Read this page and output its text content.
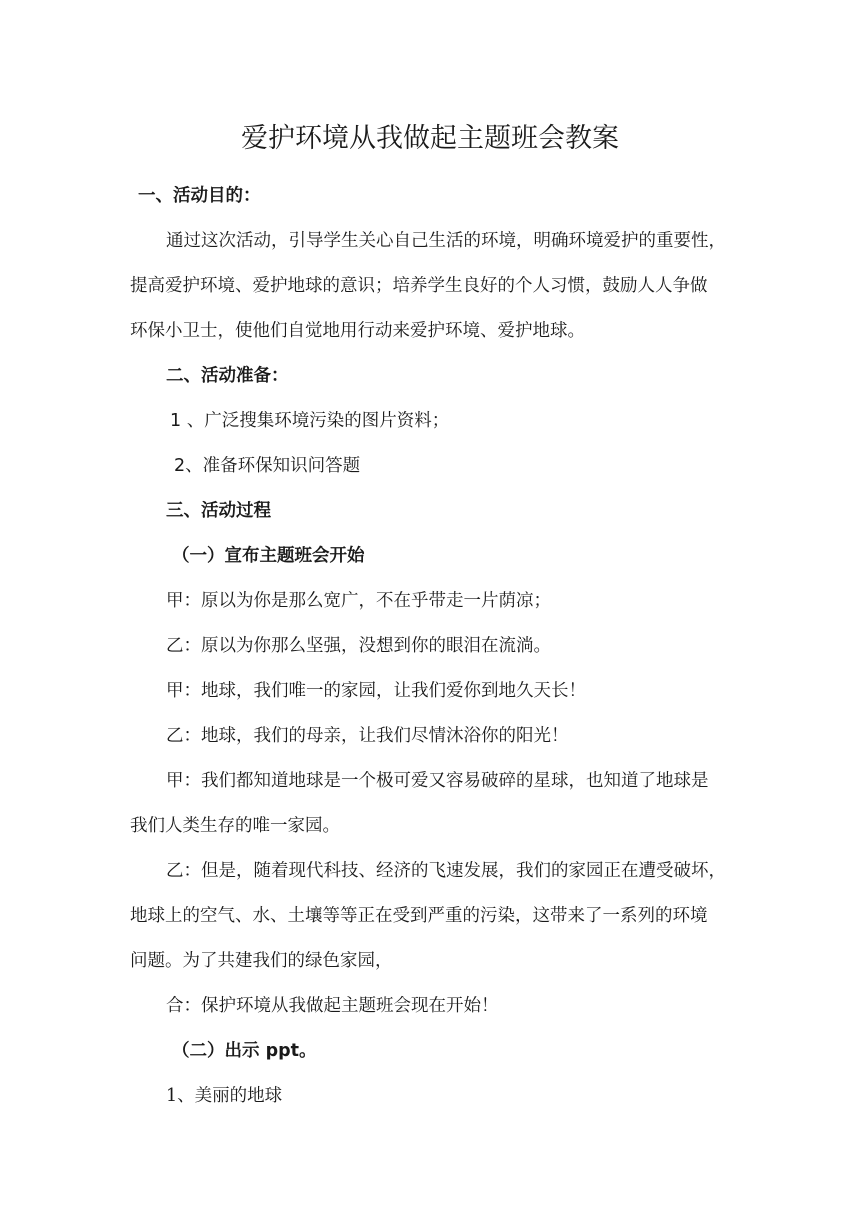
爱护环境从我做起主题班会教案
一、活动目的：
通过这次活动，引导学生关心自己生活的环境，明确环境爱护的重要性，
提高爱护环境、爱护地球的意识；培养学生良好的个人习惯，鼓励人人争做
环保小卫士，使他们自觉地用行动来爱护环境、爱护地球。
二、活动准备：
1 、广泛搜集环境污染的图片资料；
2、准备环保知识问答题
三、活动过程
（一）宣布主题班会开始
甲：原以为你是那么宽广，不在乎带走一片荫凉；
乙：原以为你那么坚强，没想到你的眼泪在流淌。
甲：地球，我们唯一的家园，让我们爱你到地久天长！
乙：地球，我们的母亲，让我们尽情沐浴你的阳光！
甲：我们都知道地球是一个极可爱又容易破碎的星球，也知道了地球是
我们人类生存的唯一家园。
乙：但是，随着现代科技、经济的飞速发展，我们的家园正在遭受破坏，
地球上的空气、水、土壤等等正在受到严重的污染，这带来了一系列的环境
问题。为了共建我们的绿色家园，
合：保护环境从我做起主题班会现在开始！
（二）出示 ppt。
1、美丽的地球
